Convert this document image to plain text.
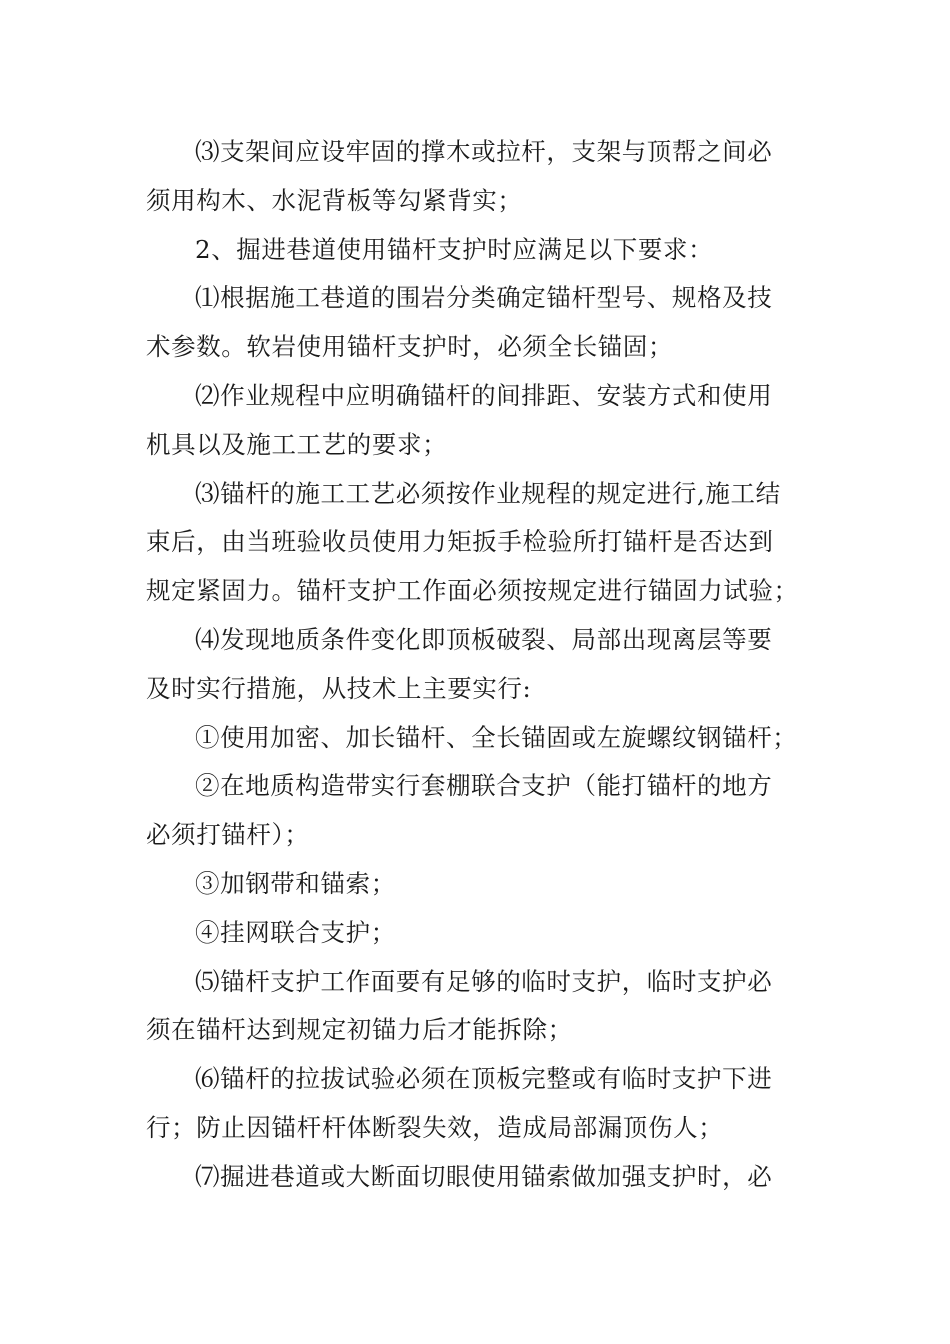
⑶支架间应设牢固的撑木或拉杆，支架与顶帮之间必
须用构木、水泥背板等勾紧背实；
2、掘进巷道使用锚杆支护时应满足以下要求：
⑴根据施工巷道的围岩分类确定锚杆型号、规格及技
术参数。软岩使用锚杆支护时，必须全长锚固；
⑵作业规程中应明确锚杆的间排距、安装方式和使用
机具以及施工工艺的要求；
⑶锚杆的施工工艺必须按作业规程的规定进行,施工结
束后，由当班验收员使用力矩扳手检验所打锚杆是否达到
规定紧固力。锚杆支护工作面必须按规定进行锚固力试验；
⑷发现地质条件变化即顶板破裂、局部出现离层等要
及时实行措施，从技术上主要实行:
①使用加密、加长锚杆、全长锚固或左旋螺纹钢锚杆；
②在地质构造带实行套棚联合支护（能打锚杆的地方
必须打锚杆）；
③加钢带和锚索；
④挂网联合支护；
⑸锚杆支护工作面要有足够的临时支护，临时支护必
须在锚杆达到规定初锚力后才能拆除；
⑹锚杆的拉拔试验必须在顶板完整或有临时支护下进
行；防止因锚杆杆体断裂失效，造成局部漏顶伤人；
⑺掘进巷道或大断面切眼使用锚索做加强支护时，必
